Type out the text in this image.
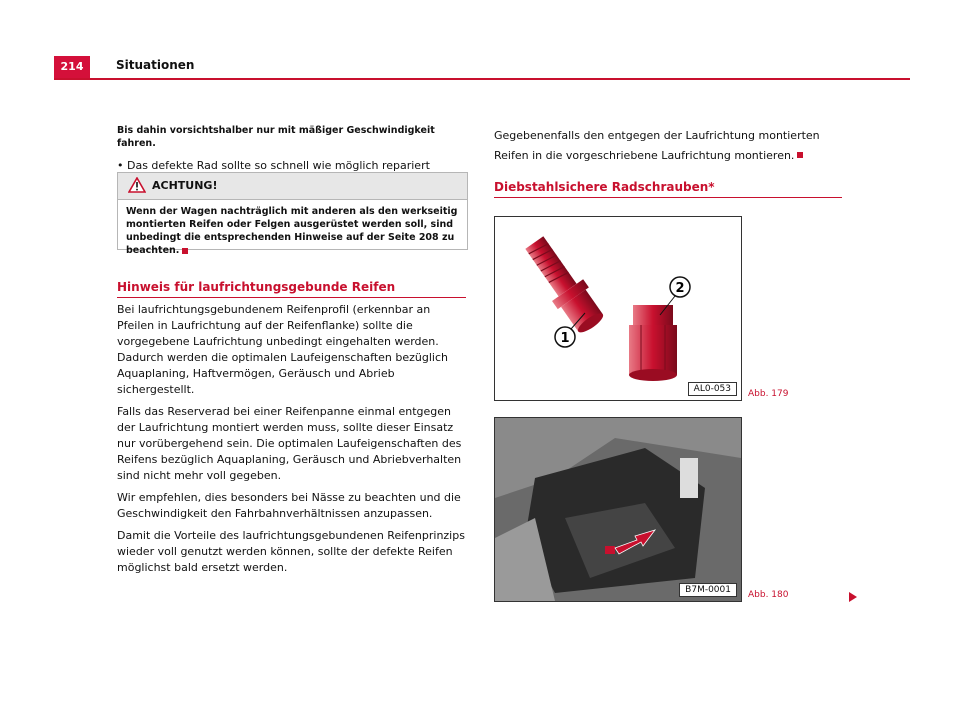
214	Situationen
Bis dahin vorsichtshalber nur mit mäßiger Geschwindigkeit fahren.
• Das defekte Rad sollte so schnell wie möglich repariert
ACHTUNG!
Wenn der Wagen nachträglich mit anderen als den werkseitig montierten Reifen oder Felgen ausgerüstet werden soll, sind unbedingt die entsprechenden Hinweise auf der Seite 208 zu beachten.
Hinweis für laufrichtungsgebunde Reifen

Bei laufrichtungsgebundenem Reifenprofil (erkennbar an Pfeilen in Laufrichtung auf der Reifenflanke) sollte die vorgegebene Laufrichtung unbedingt eingehalten werden. Dadurch werden die optimalen Laufeigenschaften bezüglich Aquaplaning, Haftvermögen, Geräusch und Abrieb sichergestellt.

Falls das Reserverad bei einer Reifenpanne einmal entgegen der Laufrichtung montiert werden muss, sollte dieser Einsatz nur vorübergehend sein. Die optimalen Laufeigenschaften des Reifens bezüglich Aquaplaning, Geräusch und Abriebverhalten sind nicht mehr voll gegeben.

Wir empfehlen, dies besonders bei Nässe zu beachten und die Geschwindigkeit den Fahrbahnverhältnissen anzupassen.

Damit die Vorteile des laufrichtungsgebundenen Reifenprinzips wieder voll genutzt werden können, sollte der defekte Reifen möglichst bald ersetzt werden.

Gegebenenfalls den entgegen der Laufrichtung montierten Reifen in die vorgeschriebene Laufrichtung montieren.
Diebstahlsichere Radschrauben*
1
2
AL0-053	Abb. 179
B7M-0001	Abb. 180
